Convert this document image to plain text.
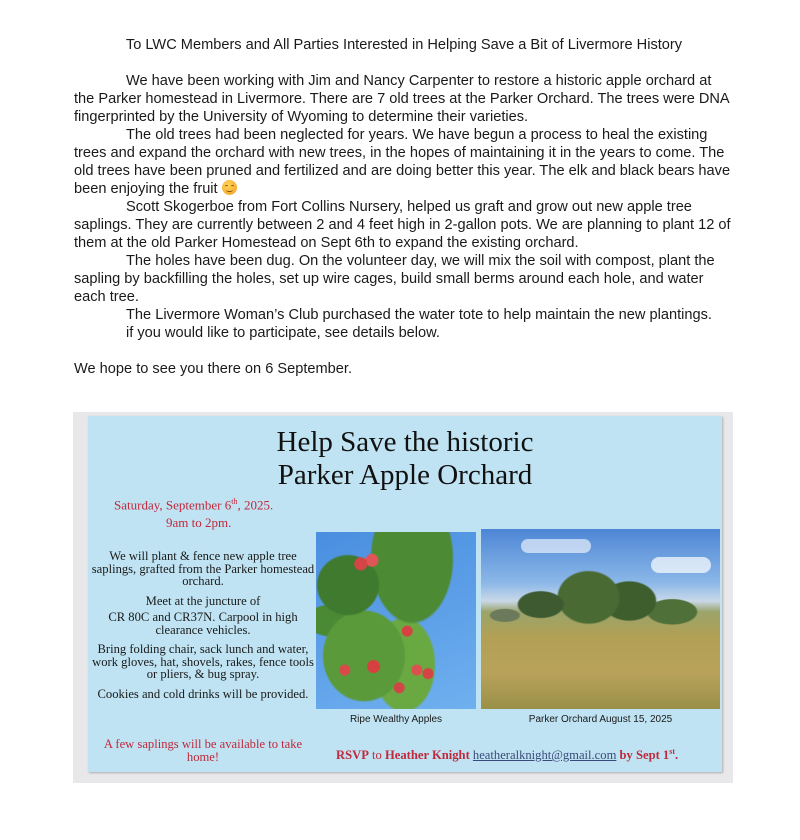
To LWC Members and All Parties Interested in Helping Save a Bit of Livermore History

We have been working with Jim and Nancy Carpenter to restore a historic apple orchard at the Parker homestead in Livermore. There are 7 old trees at the Parker Orchard. The trees were DNA fingerprinted by the University of Wyoming to determine their varieties.

The old trees had been neglected for years. We have begun a process to heal the existing trees and expand the orchard with new trees, in the hopes of maintaining it in the years to come. The old trees have been pruned and fertilized and are doing better this year. The elk and black bears have been enjoying the fruit

Scott Skogerboe from Fort Collins Nursery, helped us graft and grow out new apple tree saplings. They are currently between 2 and 4 feet high in 2-gallon pots. We are planning to plant 12 of them at the old Parker Homestead on Sept 6th to expand the existing orchard.

The holes have been dug. On the volunteer day, we will mix the soil with compost, plant the sapling by backfilling the holes, set up wire cages, build small berms around each hole, and water each tree.

The Livermore Woman’s Club purchased the water tote to help maintain the new plantings.

if you would like to participate, see details below.

We hope to see you there on 6 September.

Help Save the historic
Parker Apple Orchard
Saturday, September 6th, 2025.
9am to 2pm.

We will plant & fence new apple tree saplings, grafted from the Parker homestead orchard.

Meet at the juncture of

CR 80C and CR37N. Carpool in high clearance vehicles.

Bring folding chair, sack lunch and water, work gloves, hat, shovels, rakes, fence tools or pliers, & bug spray.

Cookies and cold drinks will be provided.

A few saplings will be available to take home!
Ripe Wealthy Apples	Parker Orchard August 15, 2025
RSVP to Heather Knight heatheralknight@gmail.com by Sept 1st.
